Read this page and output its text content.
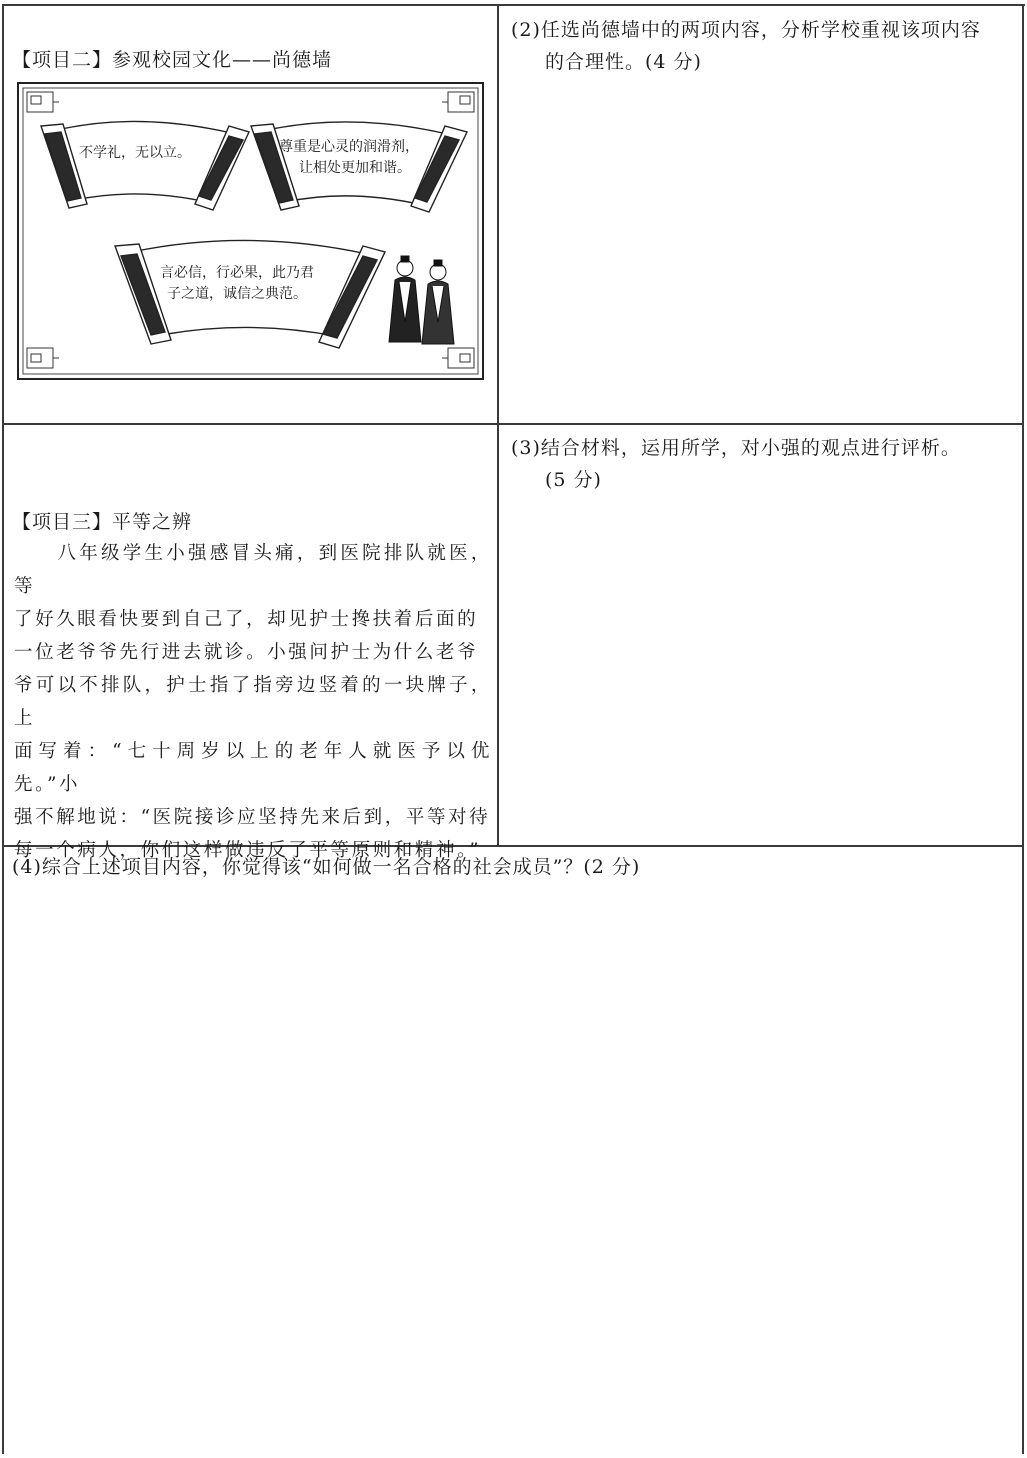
【项目二】参观校园文化——尚德墙
不学礼，无以立。	尊重是心灵的润滑剂，
让相处更加和谐。
言必信，行必果，此乃君
子之道，诚信之典范。
(2)任选尚德墙中的两项内容，分析学校重视该项内容
的合理性。(4 分)
【项目三】平等之辨
　　八年级学生小强感冒头痛，到医院排队就医，等
了好久眼看快要到自己了，却见护士搀扶着后面的
一位老爷爷先行进去就诊。小强问护士为什么老爷
爷可以不排队，护士指了指旁边竖着的一块牌子，上
面写着：“七十周岁以上的老年人就医予以优先。”小
强不解地说：“医院接诊应坚持先来后到，平等对待
每一个病人，你们这样做违反了平等原则和精神。”
(3)结合材料，运用所学，对小强的观点进行评析。
(5 分)
(4)综合上述项目内容，你觉得该“如何做一名合格的社会成员”？(2 分)
